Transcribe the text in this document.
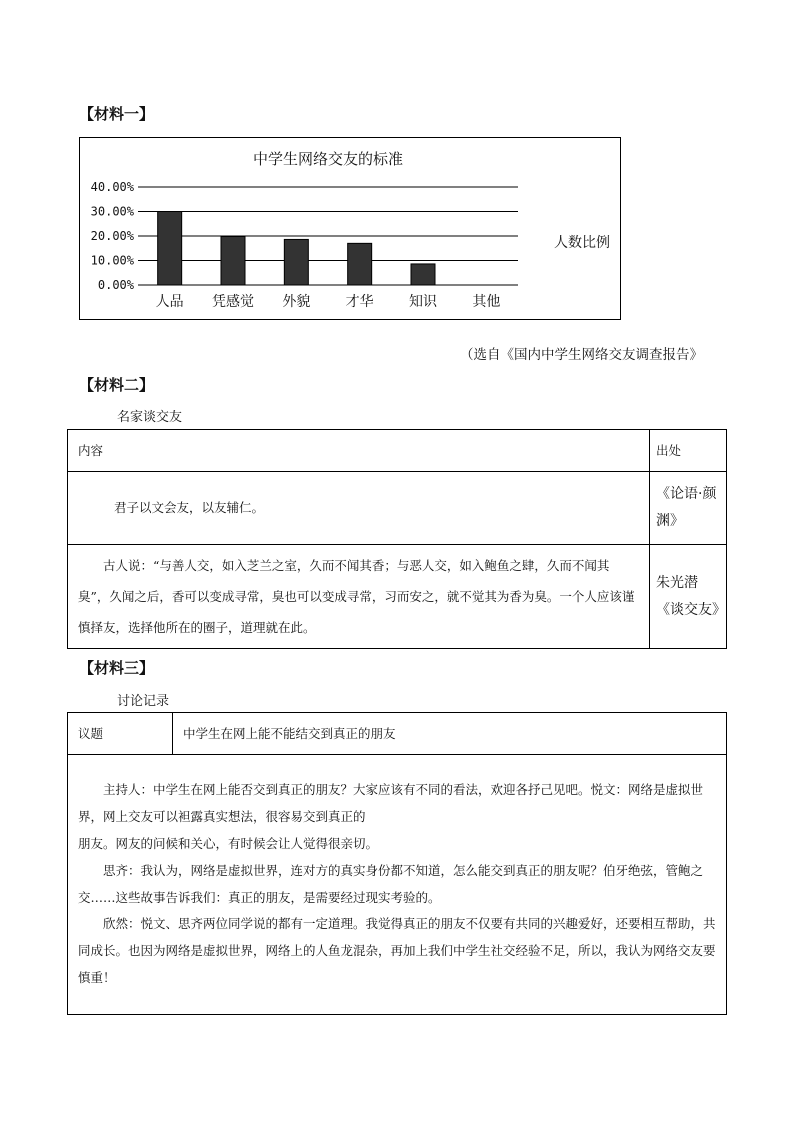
【材料一】
中学生网络交友的标准
0.00%
10.00%
20.00%
30.00%
40.00%
人品 凭感觉 外貌	才华	知识	其他
人数比例
（选自《国内中学生网络交友调查报告》
【材料二】
名家谈交友
内容	出处
君子以文会友，以友辅仁。	《论语·颜渊》
古人说：“与善人交，如入芝兰之室，久而不闻其香；与恶人交，如入鲍鱼之肆，久而不闻其臭”，久闻之后，香可以变成寻常，臭也可以变成寻常，习而安之，就不觉其为香为臭。一个人应该谨慎择友，选择他所在的圈子，道理就在此。	朱光潜《谈交友》
【材料三】
讨论记录
议题	中学生在网上能不能结交到真正的朋友

主持人：中学生在网上能否交到真正的朋友？大家应该有不同的看法，欢迎各抒己见吧。悦文：网络是虚拟世界，网上交友可以袒露真实想法，很容易交到真正的

朋友。网友的问候和关心，有时候会让人觉得很亲切。

思齐：我认为，网络是虚拟世界，连对方的真实身份都不知道，怎么能交到真正的朋友呢？伯牙绝弦，管鲍之交……这些故事告诉我们：真正的朋友，是需要经过现实考验的。

欣然：悦文、思齐两位同学说的都有一定道理。我觉得真正的朋友不仅要有共同的兴趣爱好，还要相互帮助，共同成长。也因为网络是虚拟世界，网络上的人鱼龙混杂，再加上我们中学生社交经验不足，所以，我认为网络交友要慎重！
